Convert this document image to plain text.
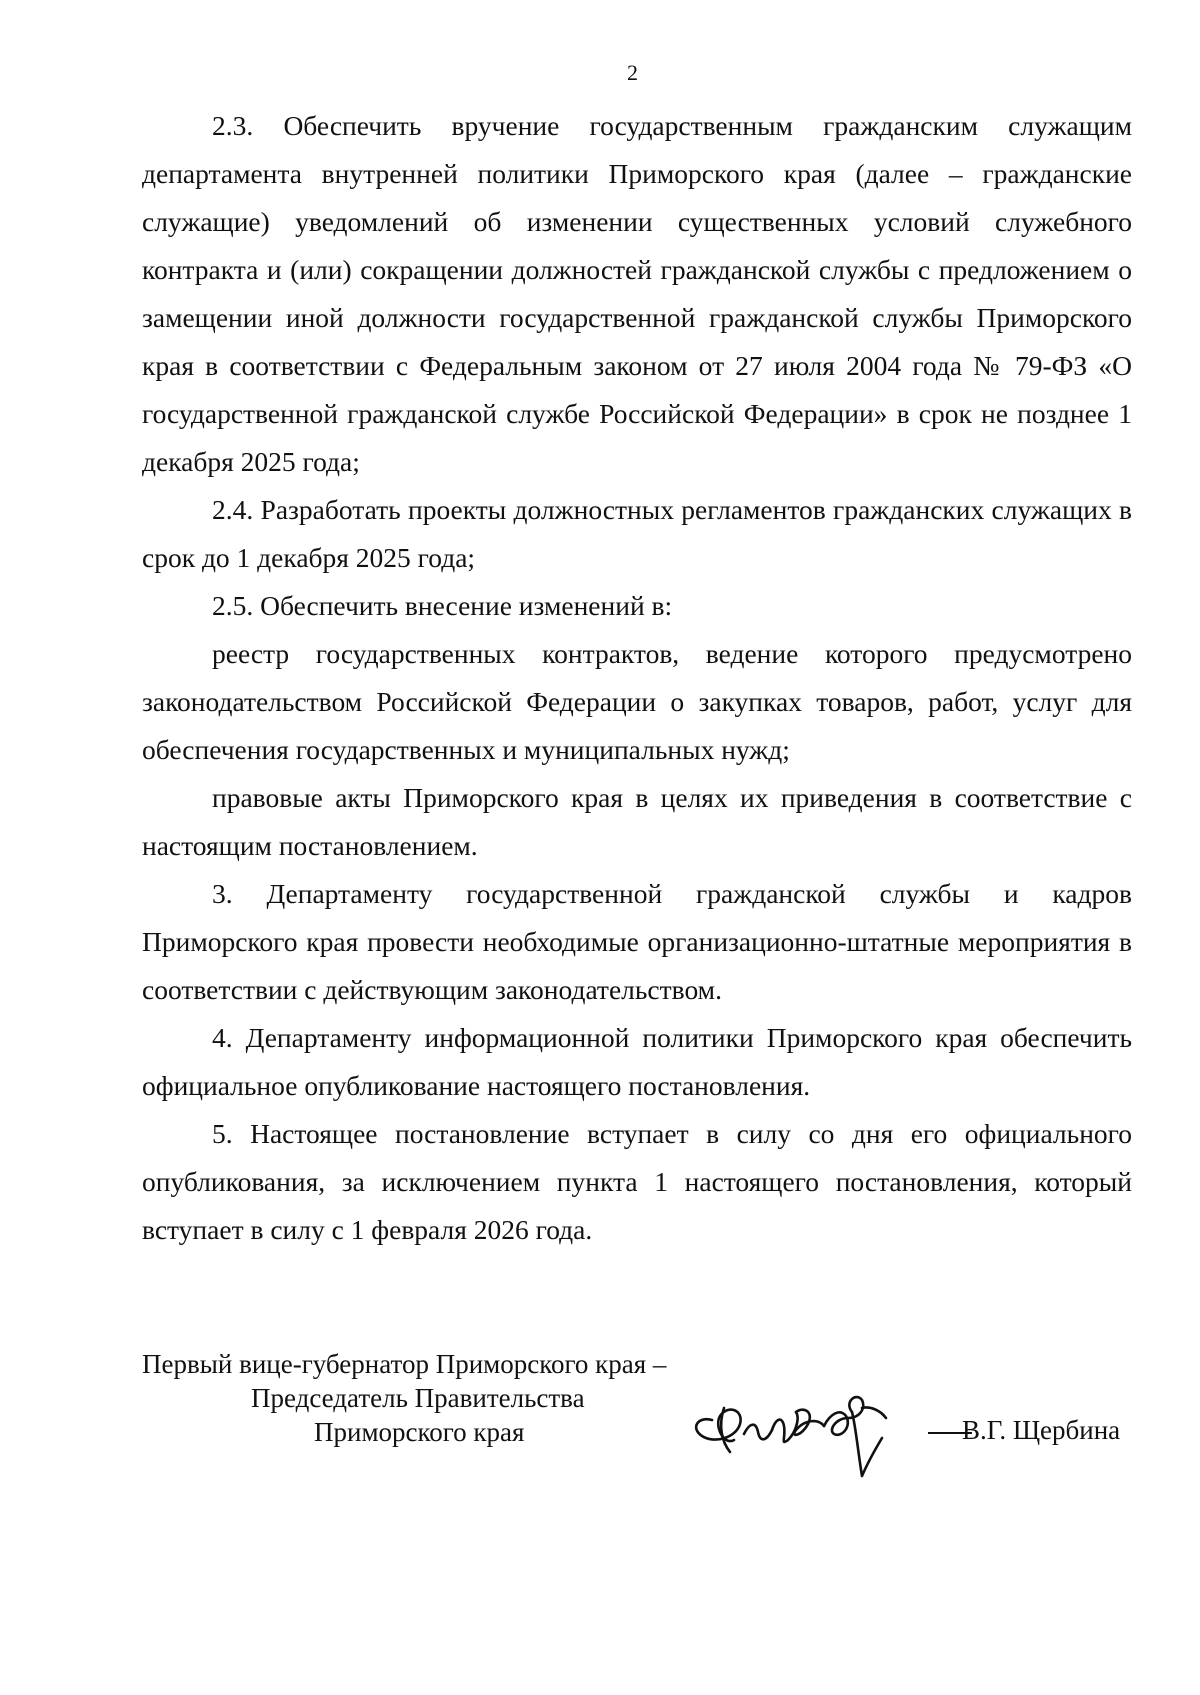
2

2.3. Обеспечить вручение государственным гражданским служащим департамента внутренней политики Приморского края (далее – гражданские служащие) уведомлений об изменении существенных условий служебного контракта и (или) сокращении должностей гражданской службы с предложением о замещении иной должности государственной гражданской службы Приморского края в соответствии с Федеральным законом от 27 июля 2004 года № 79-ФЗ «О государственной гражданской службе Российской Федерации» в срок не позднее 1 декабря 2025 года;

2.4. Разработать проекты должностных регламентов гражданских служащих в срок до 1 декабря 2025 года;

2.5. Обеспечить внесение изменений в:

реестр государственных контрактов, ведение которого предусмотрено законодательством Российской Федерации о закупках товаров, работ, услуг для обеспечения государственных и муниципальных нужд;

правовые акты Приморского края в целях их приведения в соответствие с настоящим постановлением.

3. Департаменту государственной гражданской службы и кадров Приморского края провести необходимые организационно-штатные мероприятия в соответствии с действующим законодательством.

4. Департаменту информационной политики Приморского края обеспечить официальное опубликование настоящего постановления.

5. Настоящее постановление вступает в силу со дня его официального опубликования, за исключением пункта 1 настоящего постановления, который вступает в силу с 1 февраля 2026 года.

Первый вице-губернатор Приморского края –
Председатель Правительства
Приморского края	В.Г. Щербина
